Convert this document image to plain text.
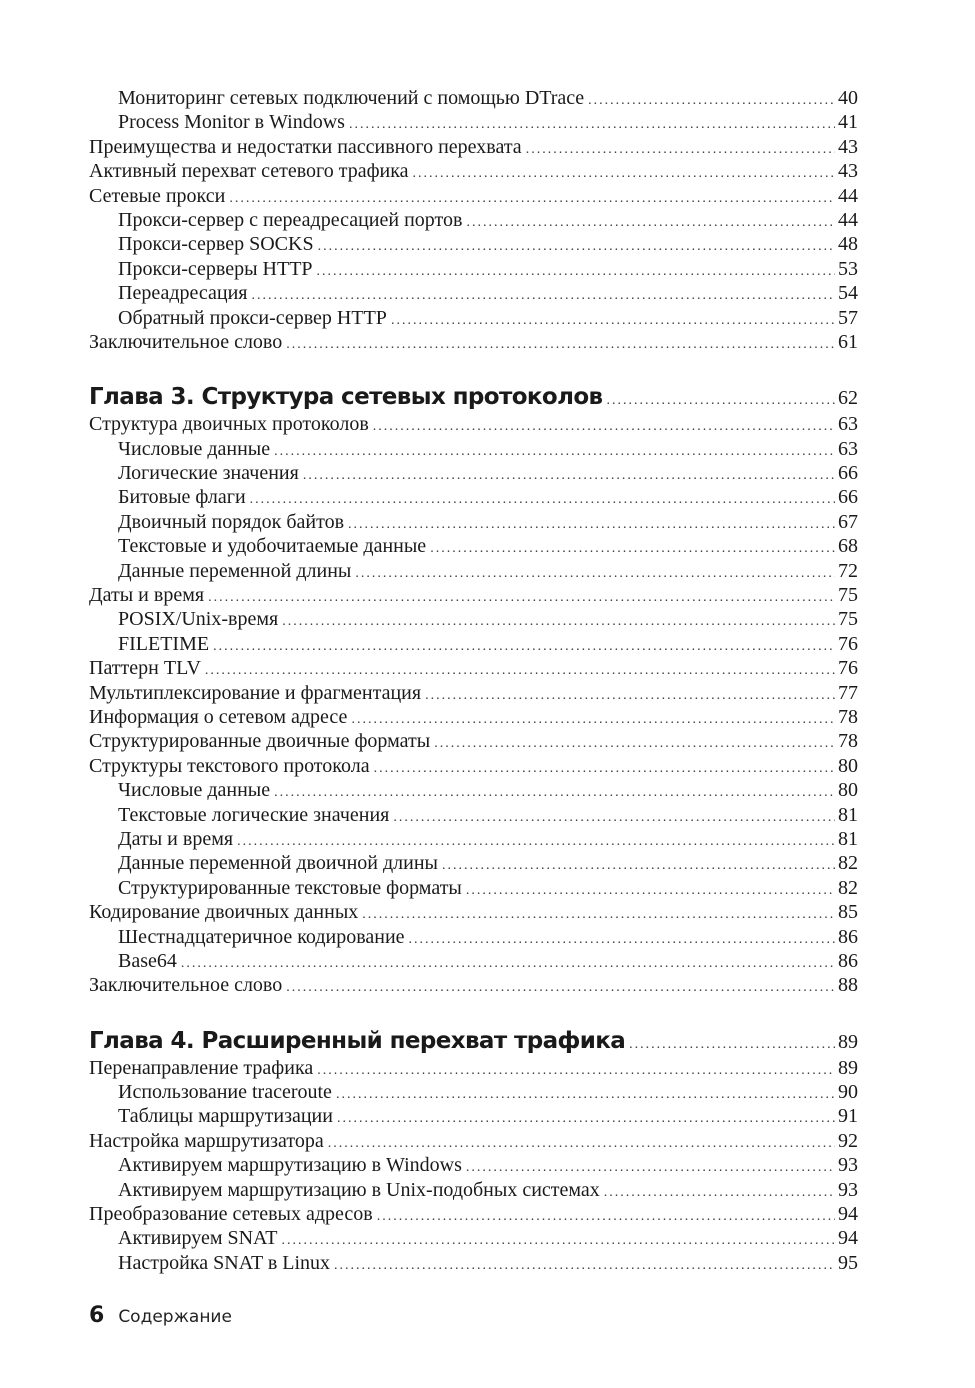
Мониторинг сетевых подключений с помощью DTrace .....	40
Process Monitor в Windows .....	41
Преимущества и недостатки пассивного перехвата .....	43
Активный перехват сетевого трафика .....	43
Сетевые прокси .....	44
Прокси-сервер с переадресацией портов .....	44
Прокси-сервер SOCKS .....	48
Прокси-серверы HTTP .....	53
Переадресация .....	54
Обратный прокси-сервер HTTP .....	57
Заключительное слово .....	61
Глава 3. Структура сетевых протоколов .....	62
Структура двоичных протоколов .....	63
Числовые данные .....	63
Логические значения .....	66
Битовые флаги .....	66
Двоичный порядок байтов .....	67
Текстовые и удобочитаемые данные .....	68
Данные переменной длины .....	72
Даты и время .....	75
POSIX/Unix-время .....	75
FILETIME .....	76
Паттерн TLV .....	76
Мультиплексирование и фрагментация .....	77
Информация о сетевом адресе .....	78
Структурированные двоичные форматы .....	78
Структуры текстового протокола .....	80
Числовые данные .....	80
Текстовые логические значения .....	81
Даты и время .....	81
Данные переменной двоичной длины .....	82
Структурированные текстовые форматы .....	82
Кодирование двоичных данных .....	85
Шестнадцатеричное кодирование .....	86
Base64 .....	86
Заключительное слово .....	88
Глава 4. Расширенный перехват трафика .....	89
Перенаправление трафика .....	89
Использование traceroute .....	90
Таблицы маршрутизации .....	91
Настройка маршрутизатора .....	92
Активируем маршрутизацию в Windows .....	93
Активируем маршрутизацию в Unix-подобных системах .....	93
Преобразование сетевых адресов .....	94
Активируем SNAT .....	94
Настройка SNAT в Linux .....	95
6 Содержание
